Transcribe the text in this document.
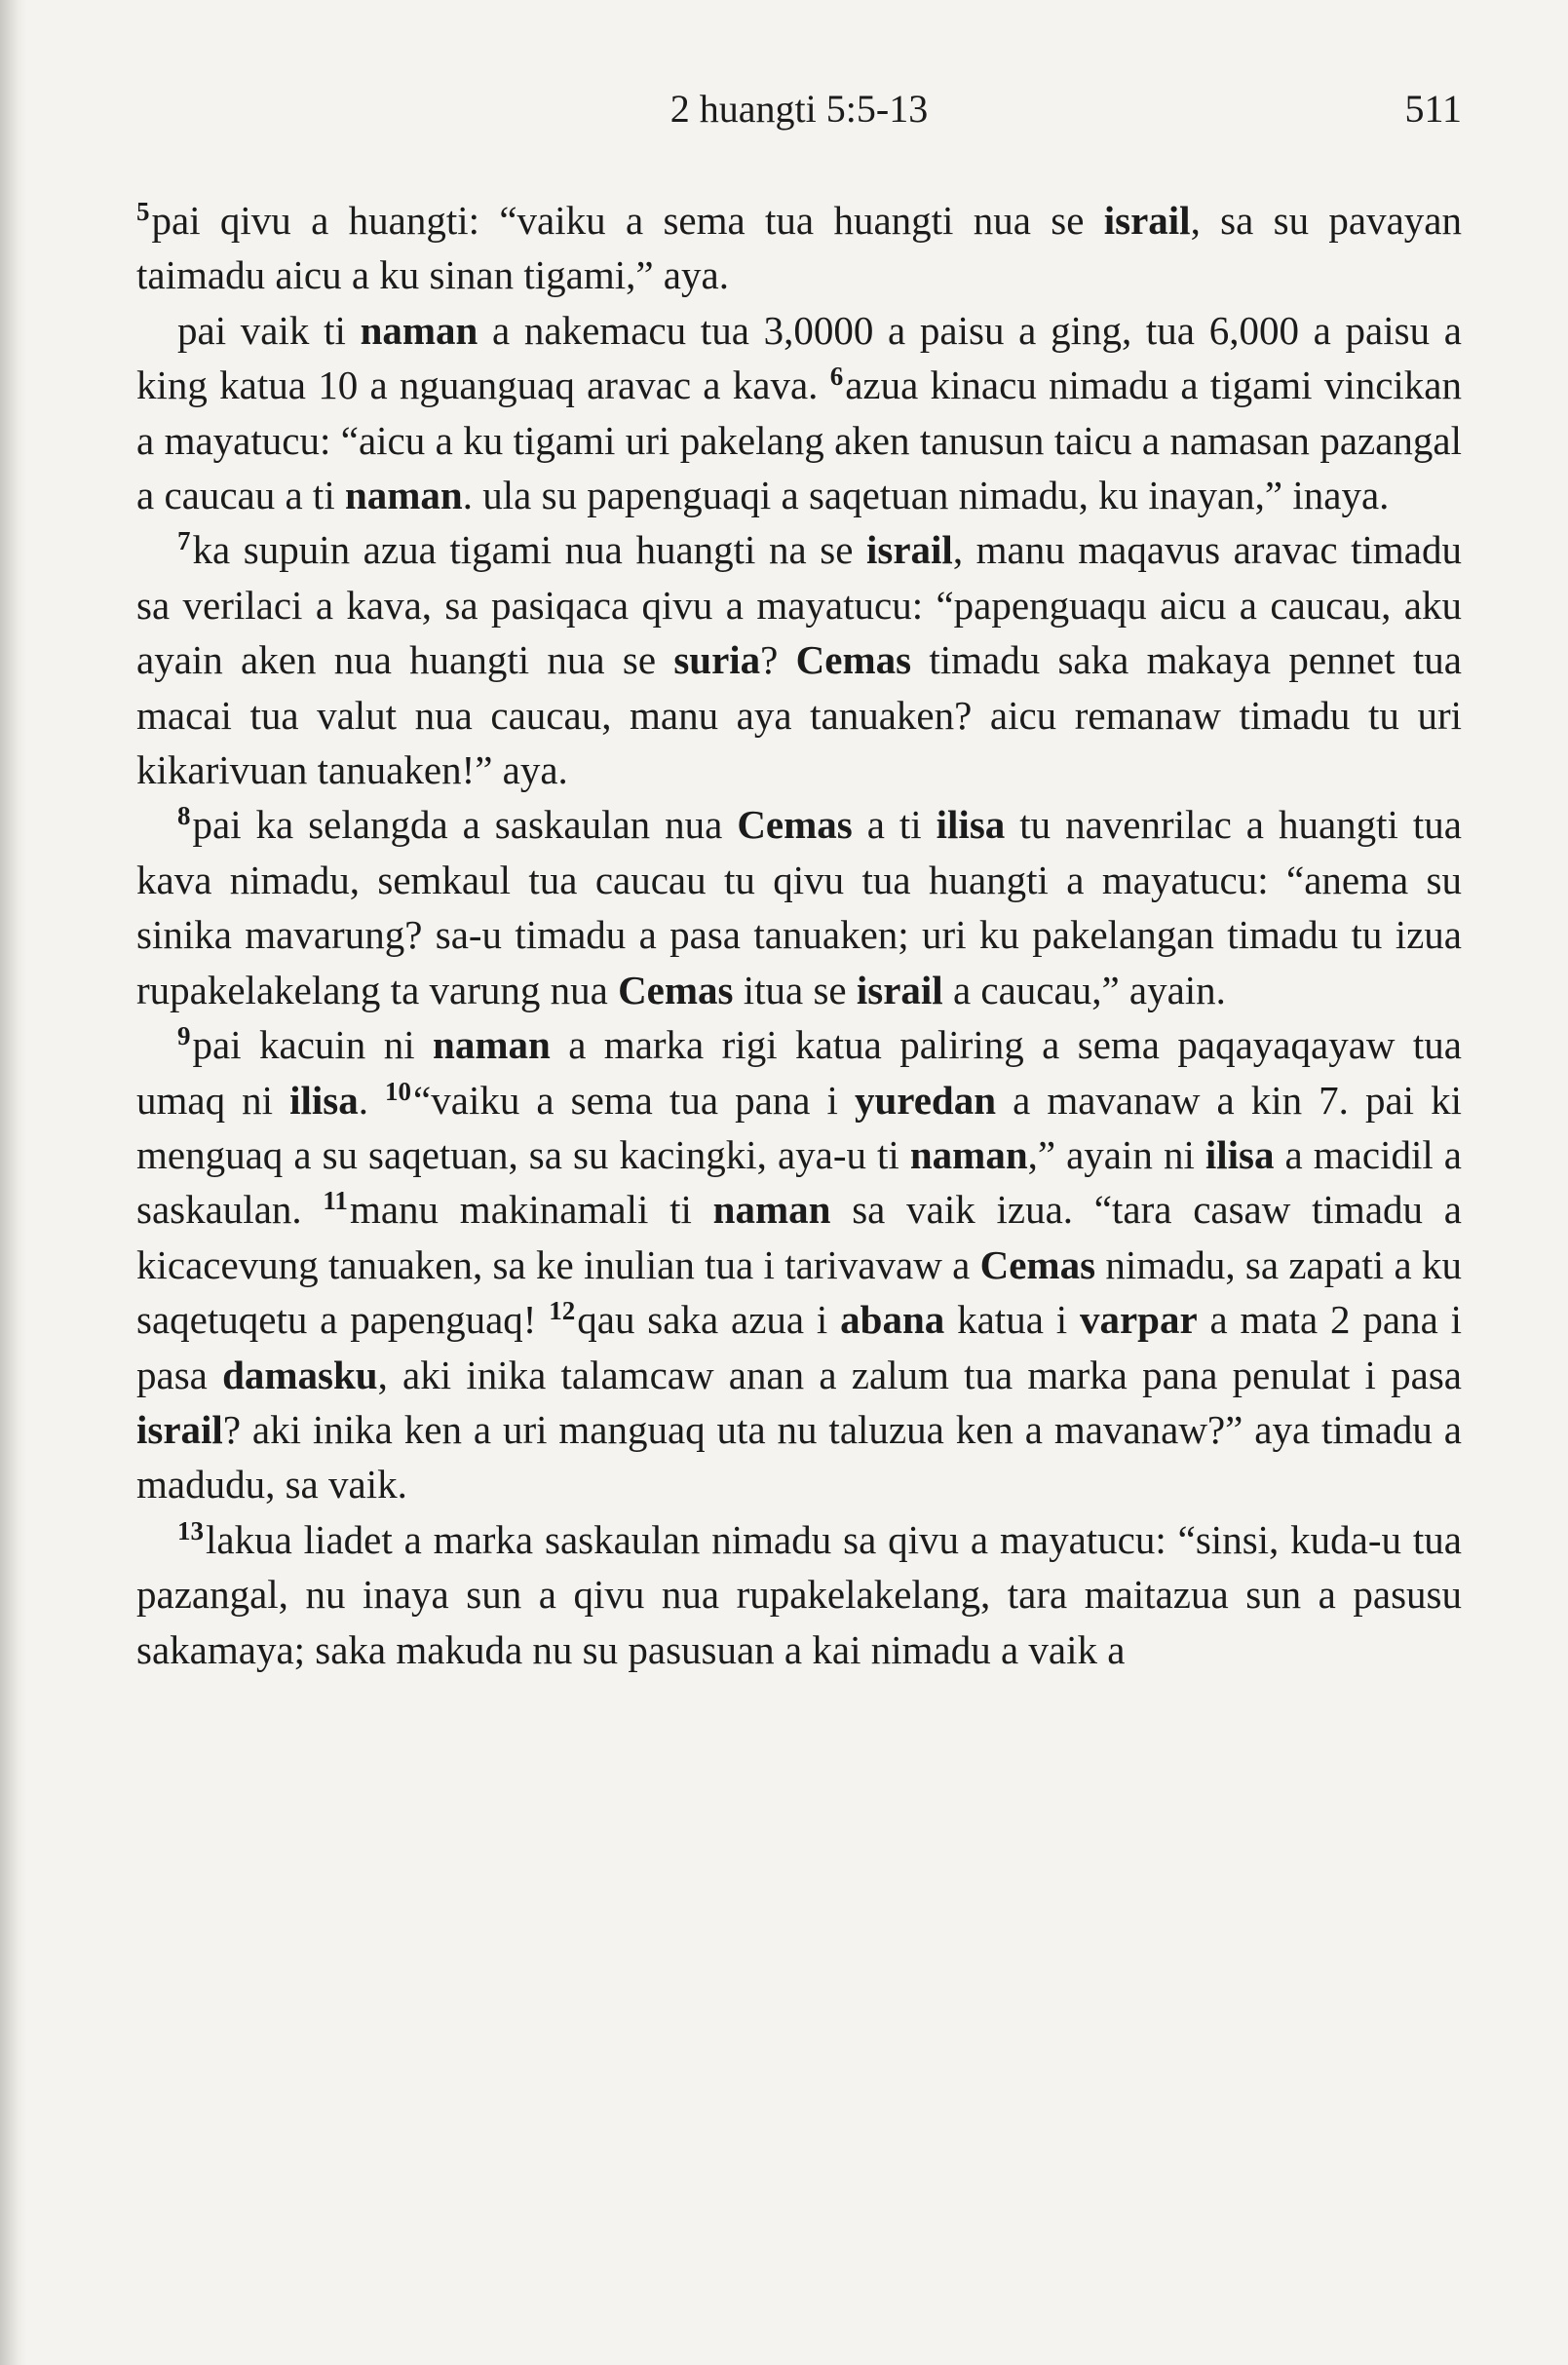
2 huangti 5:5-13	511

$^5$pai qivu a huangti: “vaiku a sema tua huangti nua se israil, sa su pavayan taimadu aicu a ku sinan tigami,” aya.

pai vaik ti naman a nakemacu tua 3,0000 a paisu a ging, tua 6,000 a paisu a king katua 10 a nguanguaq aravac a kava. $^6$azua kinacu nimadu a tigami vincikan a mayatucu: “aicu a ku tigami uri pakelang aken tanusun taicu a namasan pazangal a caucau a ti naman. ula su papenguaqi a saqetuan nimadu, ku inayan,” inaya.

$^7$ka supuin azua tigami nua huangti na se israil, manu maqavus aravac timadu sa verilaci a kava, sa pasiqaca qivu a mayatucu: “papenguaqu aicu a caucau, aku ayain aken nua huangti nua se suria? Cemas timadu saka makaya pennet tua macai tua valut nua caucau, manu aya tanuaken? aicu remanaw timadu tu uri kikarivuan tanuaken!” aya.

$^8$pai ka selangda a saskaulan nua Cemas a ti ilisa tu navenrilac a huangti tua kava nimadu, semkaul tua caucau tu qivu tua huangti a mayatucu: “anema su sinika mavarung? sa-u timadu a pasa tanuaken; uri ku pakelangan timadu tu izua rupakelakelang ta varung nua Cemas itua se israil a caucau,” ayain.

$^9$pai kacuin ni naman a marka rigi katua paliring a sema paqayaqayaw tua umaq ni ilisa. $^{10}$“vaiku a sema tua pana i yuredan a mavanaw a kin 7. pai ki menguaq a su saqetuan, sa su kacingki, aya-u ti naman,” ayain ni ilisa a macidil a saskaulan. $^{11}$manu makinamali ti naman sa vaik izua. “tara casaw timadu a kicacevung tanuaken, sa ke inulian tua i tarivavaw a Cemas nimadu, sa zapati a ku saqetuqetu a papenguaq! $^{12}$qau saka azua i abana katua i varpar a mata 2 pana i pasa damasku, aki inika talamcaw anan a zalum tua marka pana penulat i pasa israil? aki inika ken a uri manguaq uta nu taluzua ken a mavanaw?” aya timadu a madudu, sa vaik.

$^{13}$lakua liadet a marka saskaulan nimadu sa qivu a mayatucu: “sinsi, kuda-u tua pazangal, nu inaya sun a qivu nua rupakelakelang, tara maitazua sun a pasusu sakamaya; saka makuda nu su pasusuan a kai nimadu a vaik a
